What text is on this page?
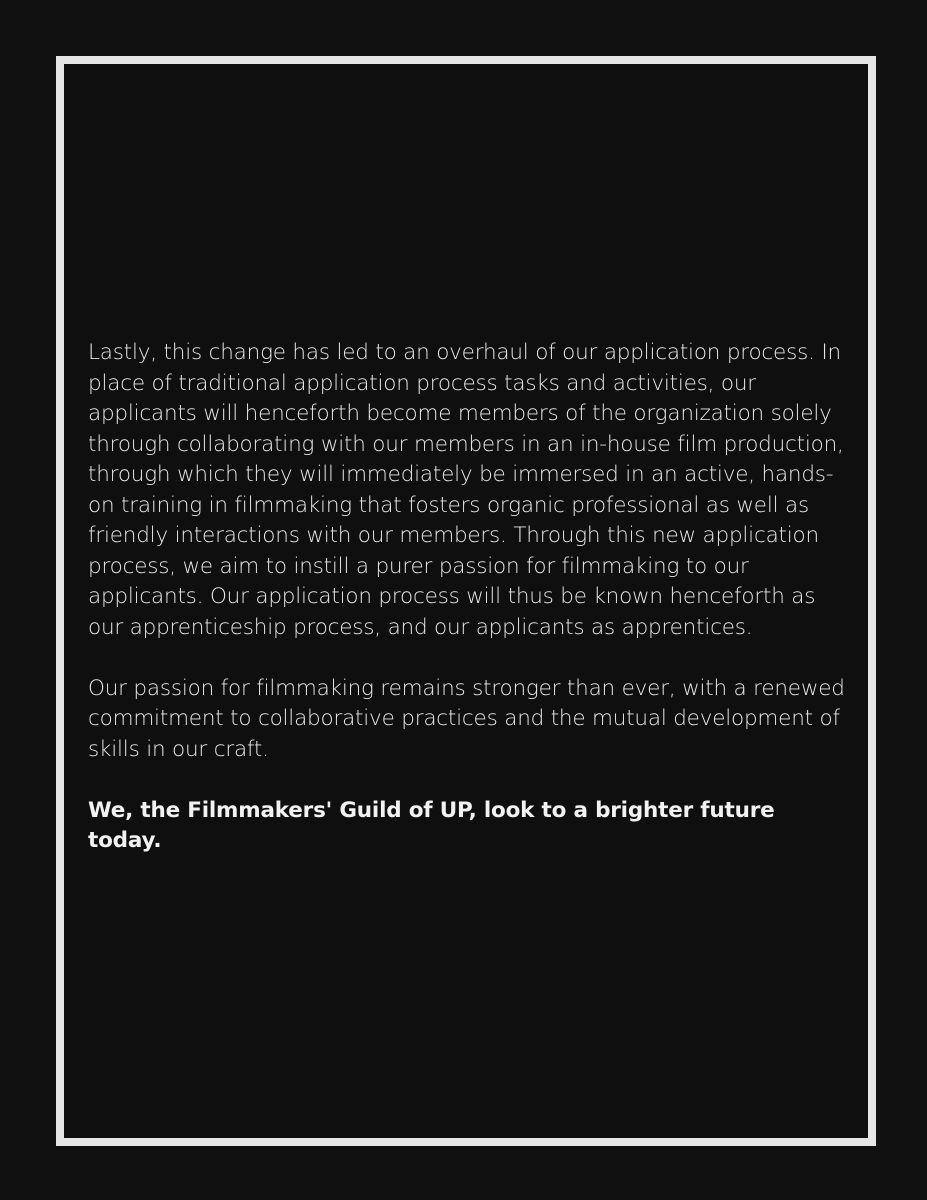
Lastly, this change has led to an overhaul of our application process. In place of traditional application process tasks and activities, our applicants will henceforth become members of the organization solely through collaborating with our members in an in-house film production, through which they will immediately be immersed in an active, hands-on training in filmmaking that fosters organic professional as well as friendly interactions with our members. Through this new application process, we aim to instill a purer passion for filmmaking to our applicants. Our application process will thus be known henceforth as our apprenticeship process, and our applicants as apprentices.

Our passion for filmmaking remains stronger than ever, with a renewed commitment to collaborative practices and the mutual development of skills in our craft.

We, the Filmmakers' Guild of UP, look to a brighter future today.
